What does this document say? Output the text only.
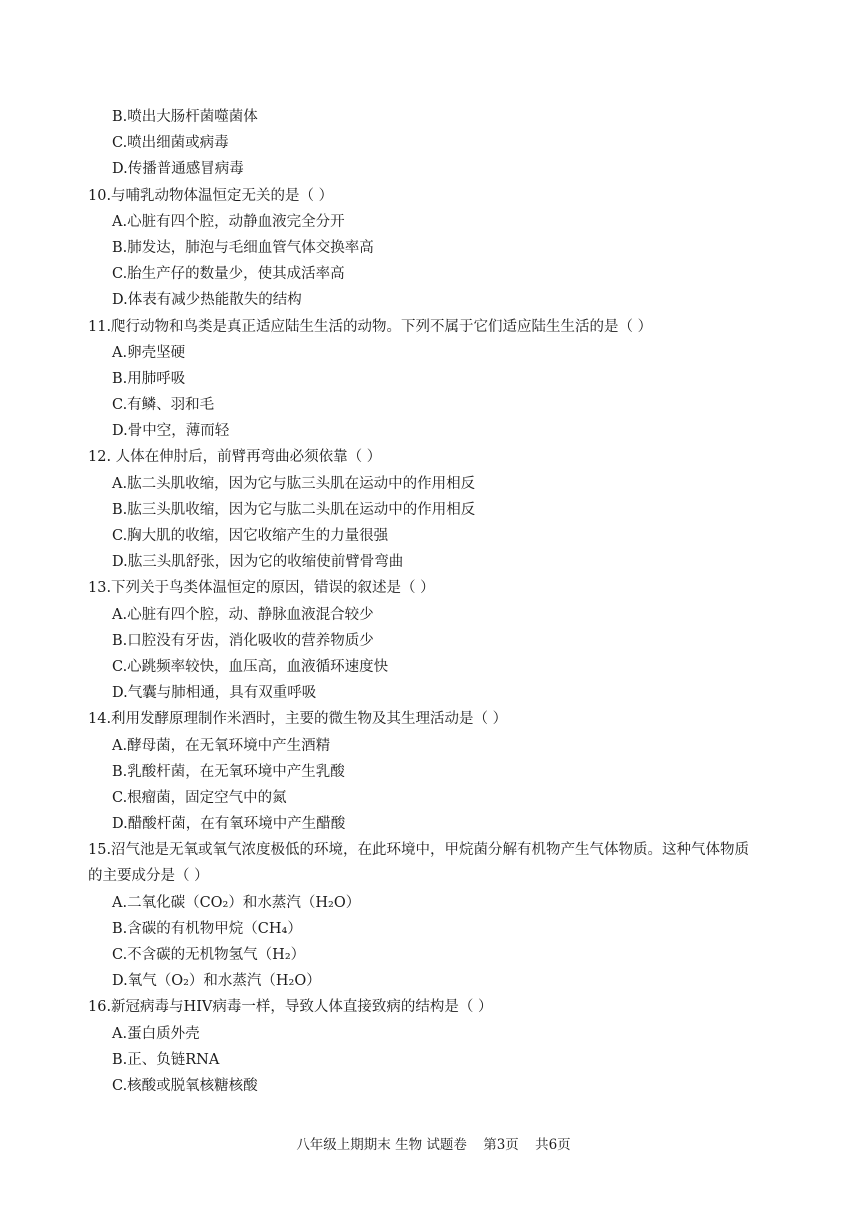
B.喷出大肠杆菌噬菌体
C.喷出细菌或病毒
D.传播普通感冒病毒
10.与哺乳动物体温恒定无关的是（ ）
A.心脏有四个腔，动静血液完全分开
B.肺发达，肺泡与毛细血管气体交换率高
C.胎生产仔的数量少，使其成活率高
D.体表有减少热能散失的结构
11.爬行动物和鸟类是真正适应陆生生活的动物。下列不属于它们适应陆生生活的是（ ）
A.卵壳坚硬
B.用肺呼吸
C.有鳞、羽和毛
D.骨中空，薄而轻
12. 人体在伸肘后，前臂再弯曲必须依靠（ ）
A.肱二头肌收缩，因为它与肱三头肌在运动中的作用相反
B.肱三头肌收缩，因为它与肱二头肌在运动中的作用相反
C.胸大肌的收缩，因它收缩产生的力量很强
D.肱三头肌舒张，因为它的收缩使前臂骨弯曲
13.下列关于鸟类体温恒定的原因，错误的叙述是（ ）
A.心脏有四个腔，动、静脉血液混合较少
B.口腔没有牙齿，消化吸收的营养物质少
C.心跳频率较快，血压高，血液循环速度快
D.气囊与肺相通，具有双重呼吸
14.利用发酵原理制作米酒时，主要的微生物及其生理活动是（ ）
A.酵母菌，在无氧环境中产生酒精
B.乳酸杆菌，在无氧环境中产生乳酸
C.根瘤菌，固定空气中的氮
D.醋酸杆菌，在有氧环境中产生醋酸
15.沼气池是无氧或氧气浓度极低的环境，在此环境中，甲烷菌分解有机物产生气体物质。这种气体物质
的主要成分是（ ）
A.二氧化碳（CO₂）和水蒸汽（H₂O）
B.含碳的有机物甲烷（CH₄）
C.不含碳的无机物氢气（H₂）
D.氧气（O₂）和水蒸汽（H₂O）
16.新冠病毒与HIV病毒一样，导致人体直接致病的结构是（ ）
A.蛋白质外壳
B.正、负链RNA
C.核酸或脱氧核糖核酸
八年级上期期末 生物 试题卷 第3页 共6页
